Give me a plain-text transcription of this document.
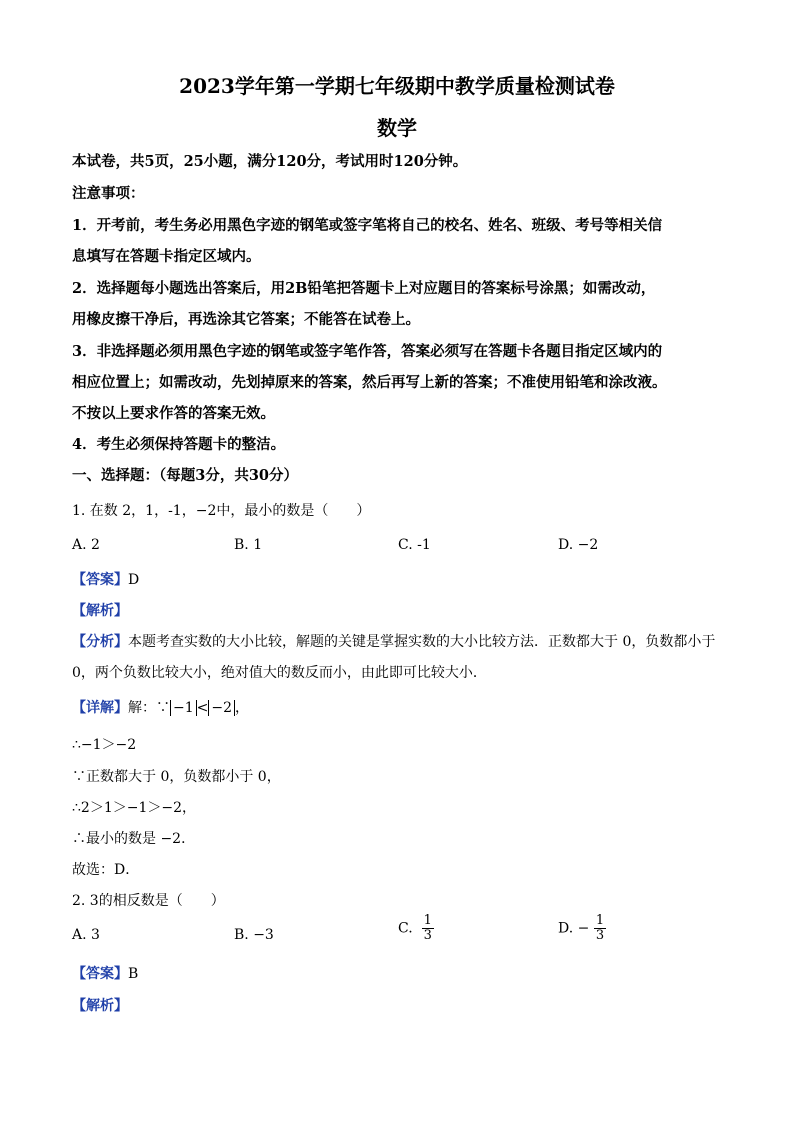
2023学年第一学期七年级期中教学质量检测试卷
数学
本试卷，共5页，25小题，满分120分，考试用时120分钟。
注意事项：
1．开考前，考生务必用黑色字迹的钢笔或签字笔将自己的校名、姓名、班级、考号等相关信
息填写在答题卡指定区域内。
2．选择题每小题选出答案后，用2B铅笔把答题卡上对应题目的答案标号涂黑；如需改动，
用橡皮擦干净后，再选涂其它答案；不能答在试卷上。
3．非选择题必须用黑色字迹的钢笔或签字笔作答，答案必须写在答题卡各题目指定区域内的
相应位置上；如需改动，先划掉原来的答案，然后再写上新的答案；不准使用铅笔和涂改液。
不按以上要求作答的答案无效。
4．考生必须保持答题卡的整洁。
一、选择题：（每题3分，共30分）
1. 在数 2，1，-1，−2中，最小的数是（　　）
A. 2	B. 1	C. -1	D. −2
【答案】D
【解析】
【分析】本题考查实数的大小比较，解题的关键是掌握实数的大小比较方法．正数都大于 0，负数都小于
0，两个负数比较大小，绝对值大的数反而小，由此即可比较大小．
【详解】解：∵ −1 < −2 ，
∴−1＞−2
∵正数都大于 0，负数都小于 0，
∴2＞1＞−1＞−2，
∴最小的数是 −2．
故选：D．
2. 3的相反数是（　　）
A. 3	B. −3	C. $\frac{1}{3}$	D. − $\frac{1}{3}$
【答案】B
【解析】
